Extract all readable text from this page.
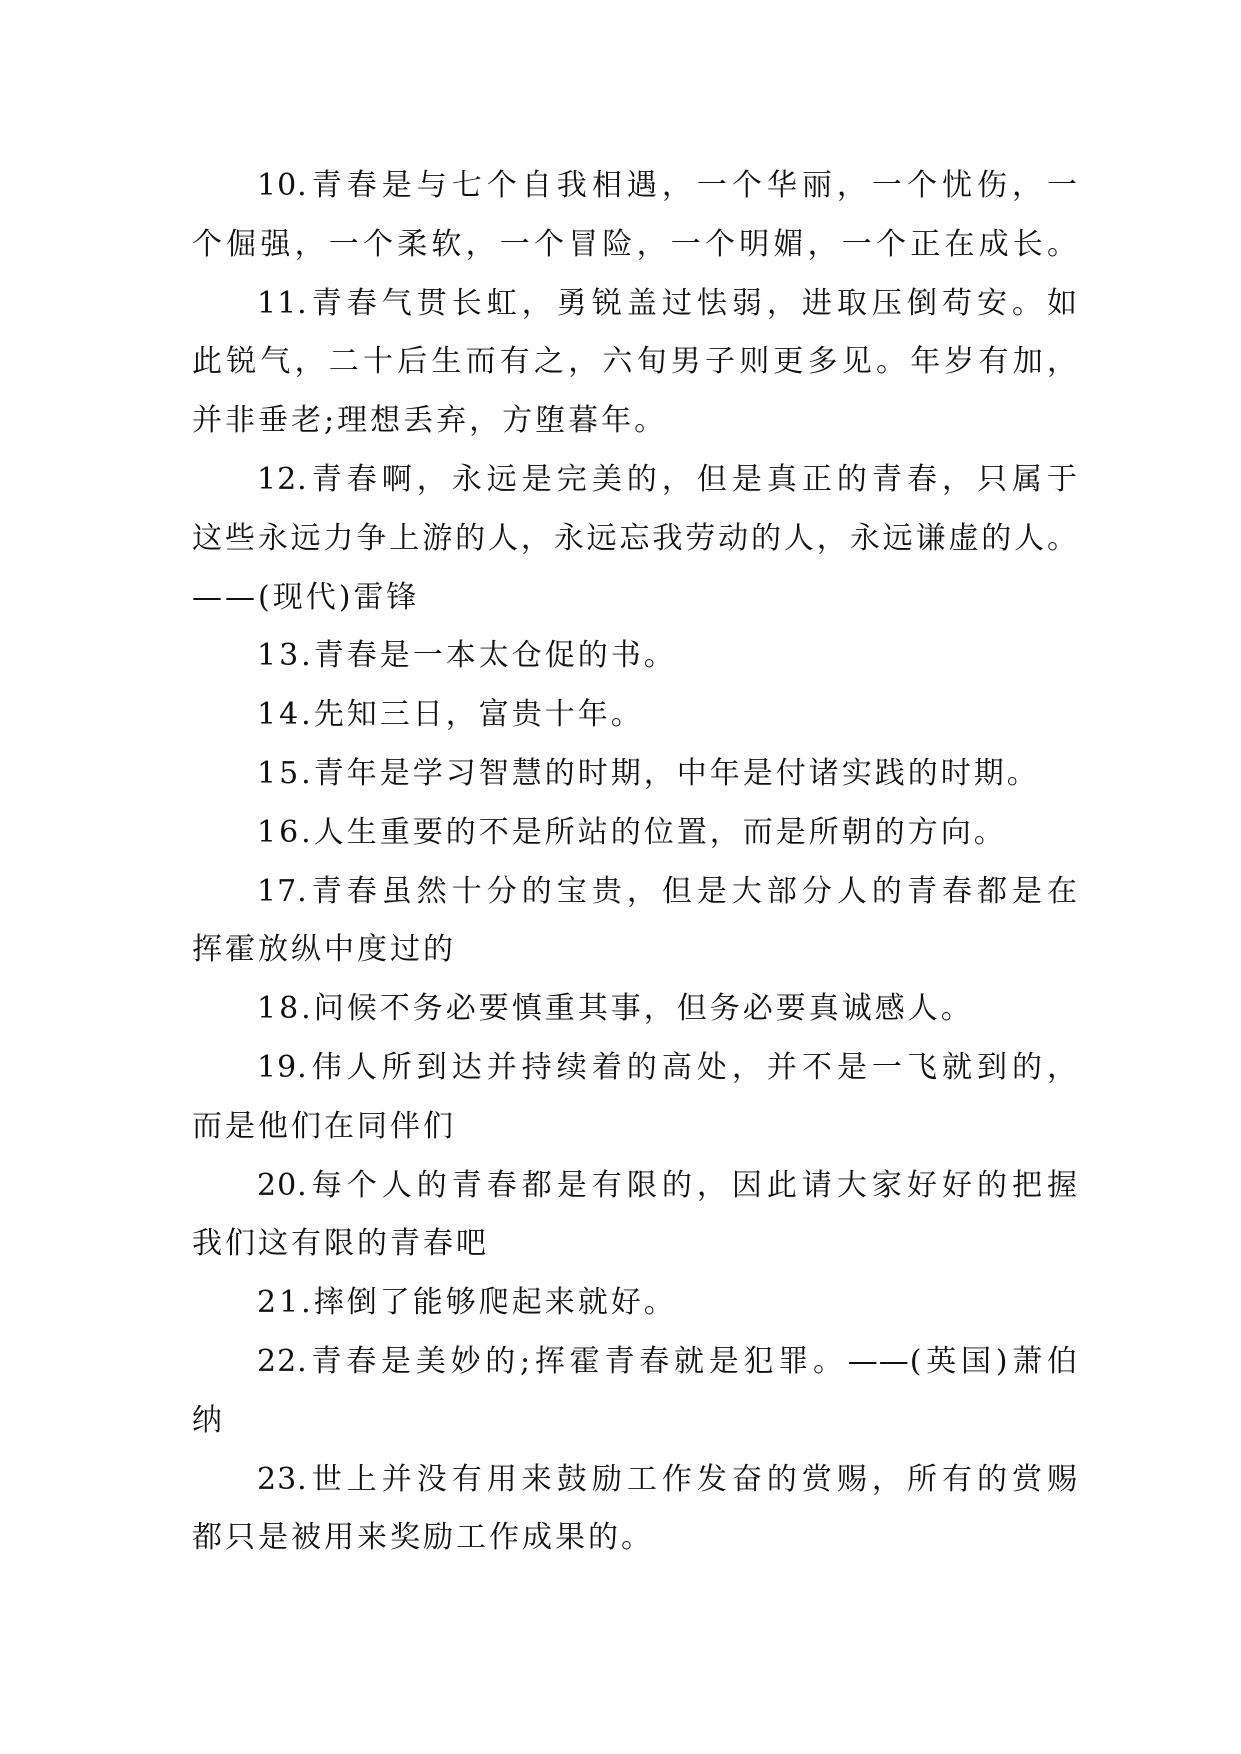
10.青春是与七个自我相遇，一个华丽，一个忧伤，一
个倔强，一个柔软，一个冒险，一个明媚，一个正在成长。
11.青春气贯长虹，勇锐盖过怯弱，进取压倒苟安。如
此锐气，二十后生而有之，六旬男子则更多见。年岁有加，
并非垂老;理想丢弃，方堕暮年。
12.青春啊，永远是完美的，但是真正的青春，只属于
这些永远力争上游的人，永远忘我劳动的人，永远谦虚的人。
——(现代)雷锋
13.青春是一本太仓促的书。
14.先知三日，富贵十年。
15.青年是学习智慧的时期，中年是付诸实践的时期。
16.人生重要的不是所站的位置，而是所朝的方向。
17.青春虽然十分的宝贵，但是大部分人的青春都是在
挥霍放纵中度过的
18.问候不务必要慎重其事，但务必要真诚感人。
19.伟人所到达并持续着的高处，并不是一飞就到的，
而是他们在同伴们
20.每个人的青春都是有限的，因此请大家好好的把握
我们这有限的青春吧
21.摔倒了能够爬起来就好。
22.青春是美妙的;挥霍青春就是犯罪。——(英国)萧伯
纳
23.世上并没有用来鼓励工作发奋的赏赐，所有的赏赐
都只是被用来奖励工作成果的。
